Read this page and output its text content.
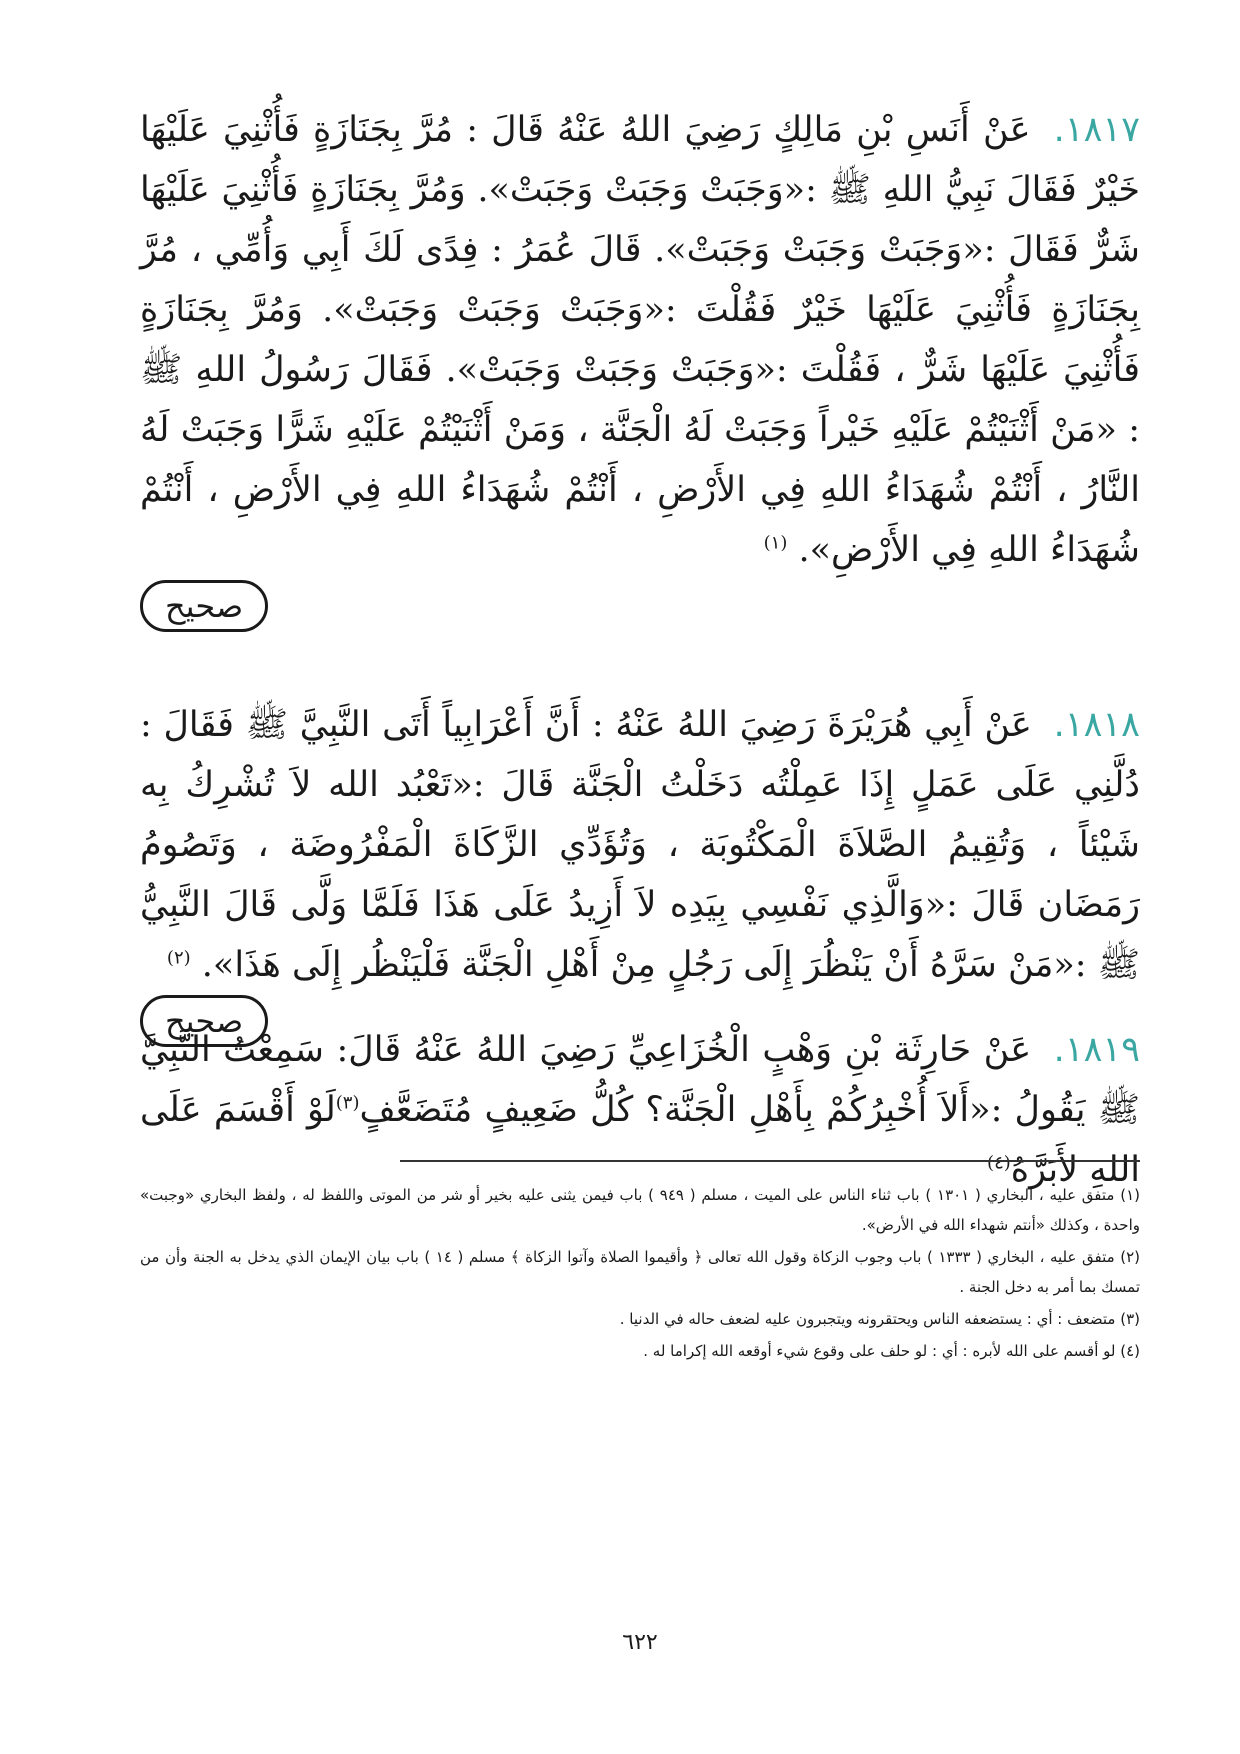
١٨١٧. عَنْ أَنَسِ بْنِ مَالِكٍ رَضِيَ اللهُ عَنْهُ قَالَ : مُرَّ بِجَنَازَةٍ فَأُثْنِيَ عَلَيْهَا خَيْرٌ فَقَالَ نَبِيُّ اللهِ ﷺ :«وَجَبَتْ وَجَبَتْ وَجَبَتْ». وَمُرَّ بِجَنَازَةٍ فَأُثْنِيَ عَلَيْهَا شَرٌّ فَقَالَ :«وَجَبَتْ وَجَبَتْ وَجَبَتْ». قَالَ عُمَرُ : فِدًى لَكَ أَبِي وَأُمِّي ، مُرَّ بِجَنَازَةٍ فَأُثْنِيَ عَلَيْهَا خَيْرٌ فَقُلْتَ :«وَجَبَتْ وَجَبَتْ وَجَبَتْ». وَمُرَّ بِجَنَازَةٍ فَأُثْنِيَ عَلَيْهَا شَرٌّ ، فَقُلْتَ :«وَجَبَتْ وَجَبَتْ وَجَبَتْ». فَقَالَ رَسُولُ اللهِ ﷺ : «مَنْ أَثْنَيْتُمْ عَلَيْهِ خَيْراً وَجَبَتْ لَهُ الْجَنَّة ، وَمَنْ أَثْنَيْتُمْ عَلَيْهِ شَرًّا وَجَبَتْ لَهُ النَّارُ ، أَنْتُمْ شُهَدَاءُ اللهِ فِي الأَرْضِ ، أَنْتُمْ شُهَدَاءُ اللهِ فِي الأَرْضِ ، أَنْتُمْ شُهَدَاءُ اللهِ فِي الأَرْضِ». $^{(١)}$

صحيح

١٨١٨. عَنْ أَبِي هُرَيْرَةَ رَضِيَ اللهُ عَنْهُ : أَنَّ أَعْرَابِياً أَتَى النَّبِيَّ ﷺ فَقَالَ : دُلَّنِي عَلَى عَمَلٍ إِذَا عَمِلْتُه دَخَلْتُ الْجَنَّة قَالَ :«تَعْبُد الله لاَ تُشْرِكُ بِه شَيْئاً ، وَتُقِيمُ الصَّلاَةَ الْمَكْتُوبَة ، وَتُؤَدِّي الزَّكَاةَ الْمَفْرُوضَة ، وَتَصُومُ رَمَضَان قَالَ :«وَالَّذِي نَفْسِي بِيَدِه لاَ أَزِيدُ عَلَى هَذَا فَلَمَّا وَلَّى قَالَ النَّبِيُّ ﷺ :«مَنْ سَرَّهُ أَنْ يَنْظُرَ إِلَى رَجُلٍ مِنْ أَهْلِ الْجَنَّة فَلْيَنْظُر إِلَى هَذَا». $^{(٢)}$

صحيح

١٨١٩. عَنْ حَارِثَة بْنِ وَهْبٍ الْخُزَاعِيِّ رَضِيَ اللهُ عَنْهُ قَالَ: سَمِعْتُ النَّبِيَّ ﷺ يَقُولُ :«أَلاَ أُخْبِرُكُمْ بِأَهْلِ الْجَنَّة؟ كُلُّ ضَعِيفٍ مُتَضَعَّفٍ$^{(٣)}$لَوْ أَقْسَمَ عَلَى اللهِ لأَبَرَّهُ$^{(٤)}$

(١) متفق عليه ، البخاري ( ١٣٠١ ) باب ثناء الناس على الميت ، مسلم ( ٩٤٩ ) باب فيمن يثنى عليه بخير أو شر من الموتى واللفظ له ، ولفظ البخاري «وجبت» واحدة ، وكذلك «أنتم شهداء الله في الأرض».

(٢) متفق عليه ، البخاري ( ١٣٣٣ ) باب وجوب الزكاة وقول الله تعالى ﴿ وأقيموا الصلاة وآتوا الزكاة ﴾ مسلم ( ١٤ ) باب بيان الإيمان الذي يدخل به الجنة وأن من تمسك بما أمر به دخل الجنة .

(٣) متضعف : أي : يستضعفه الناس ويحتقرونه ويتجبرون عليه لضعف حاله في الدنيا .

(٤) لو أقسم على الله لأبره : أي : لو حلف على وقوع شيء أوقعه الله إكراما له .

٦٢٢
